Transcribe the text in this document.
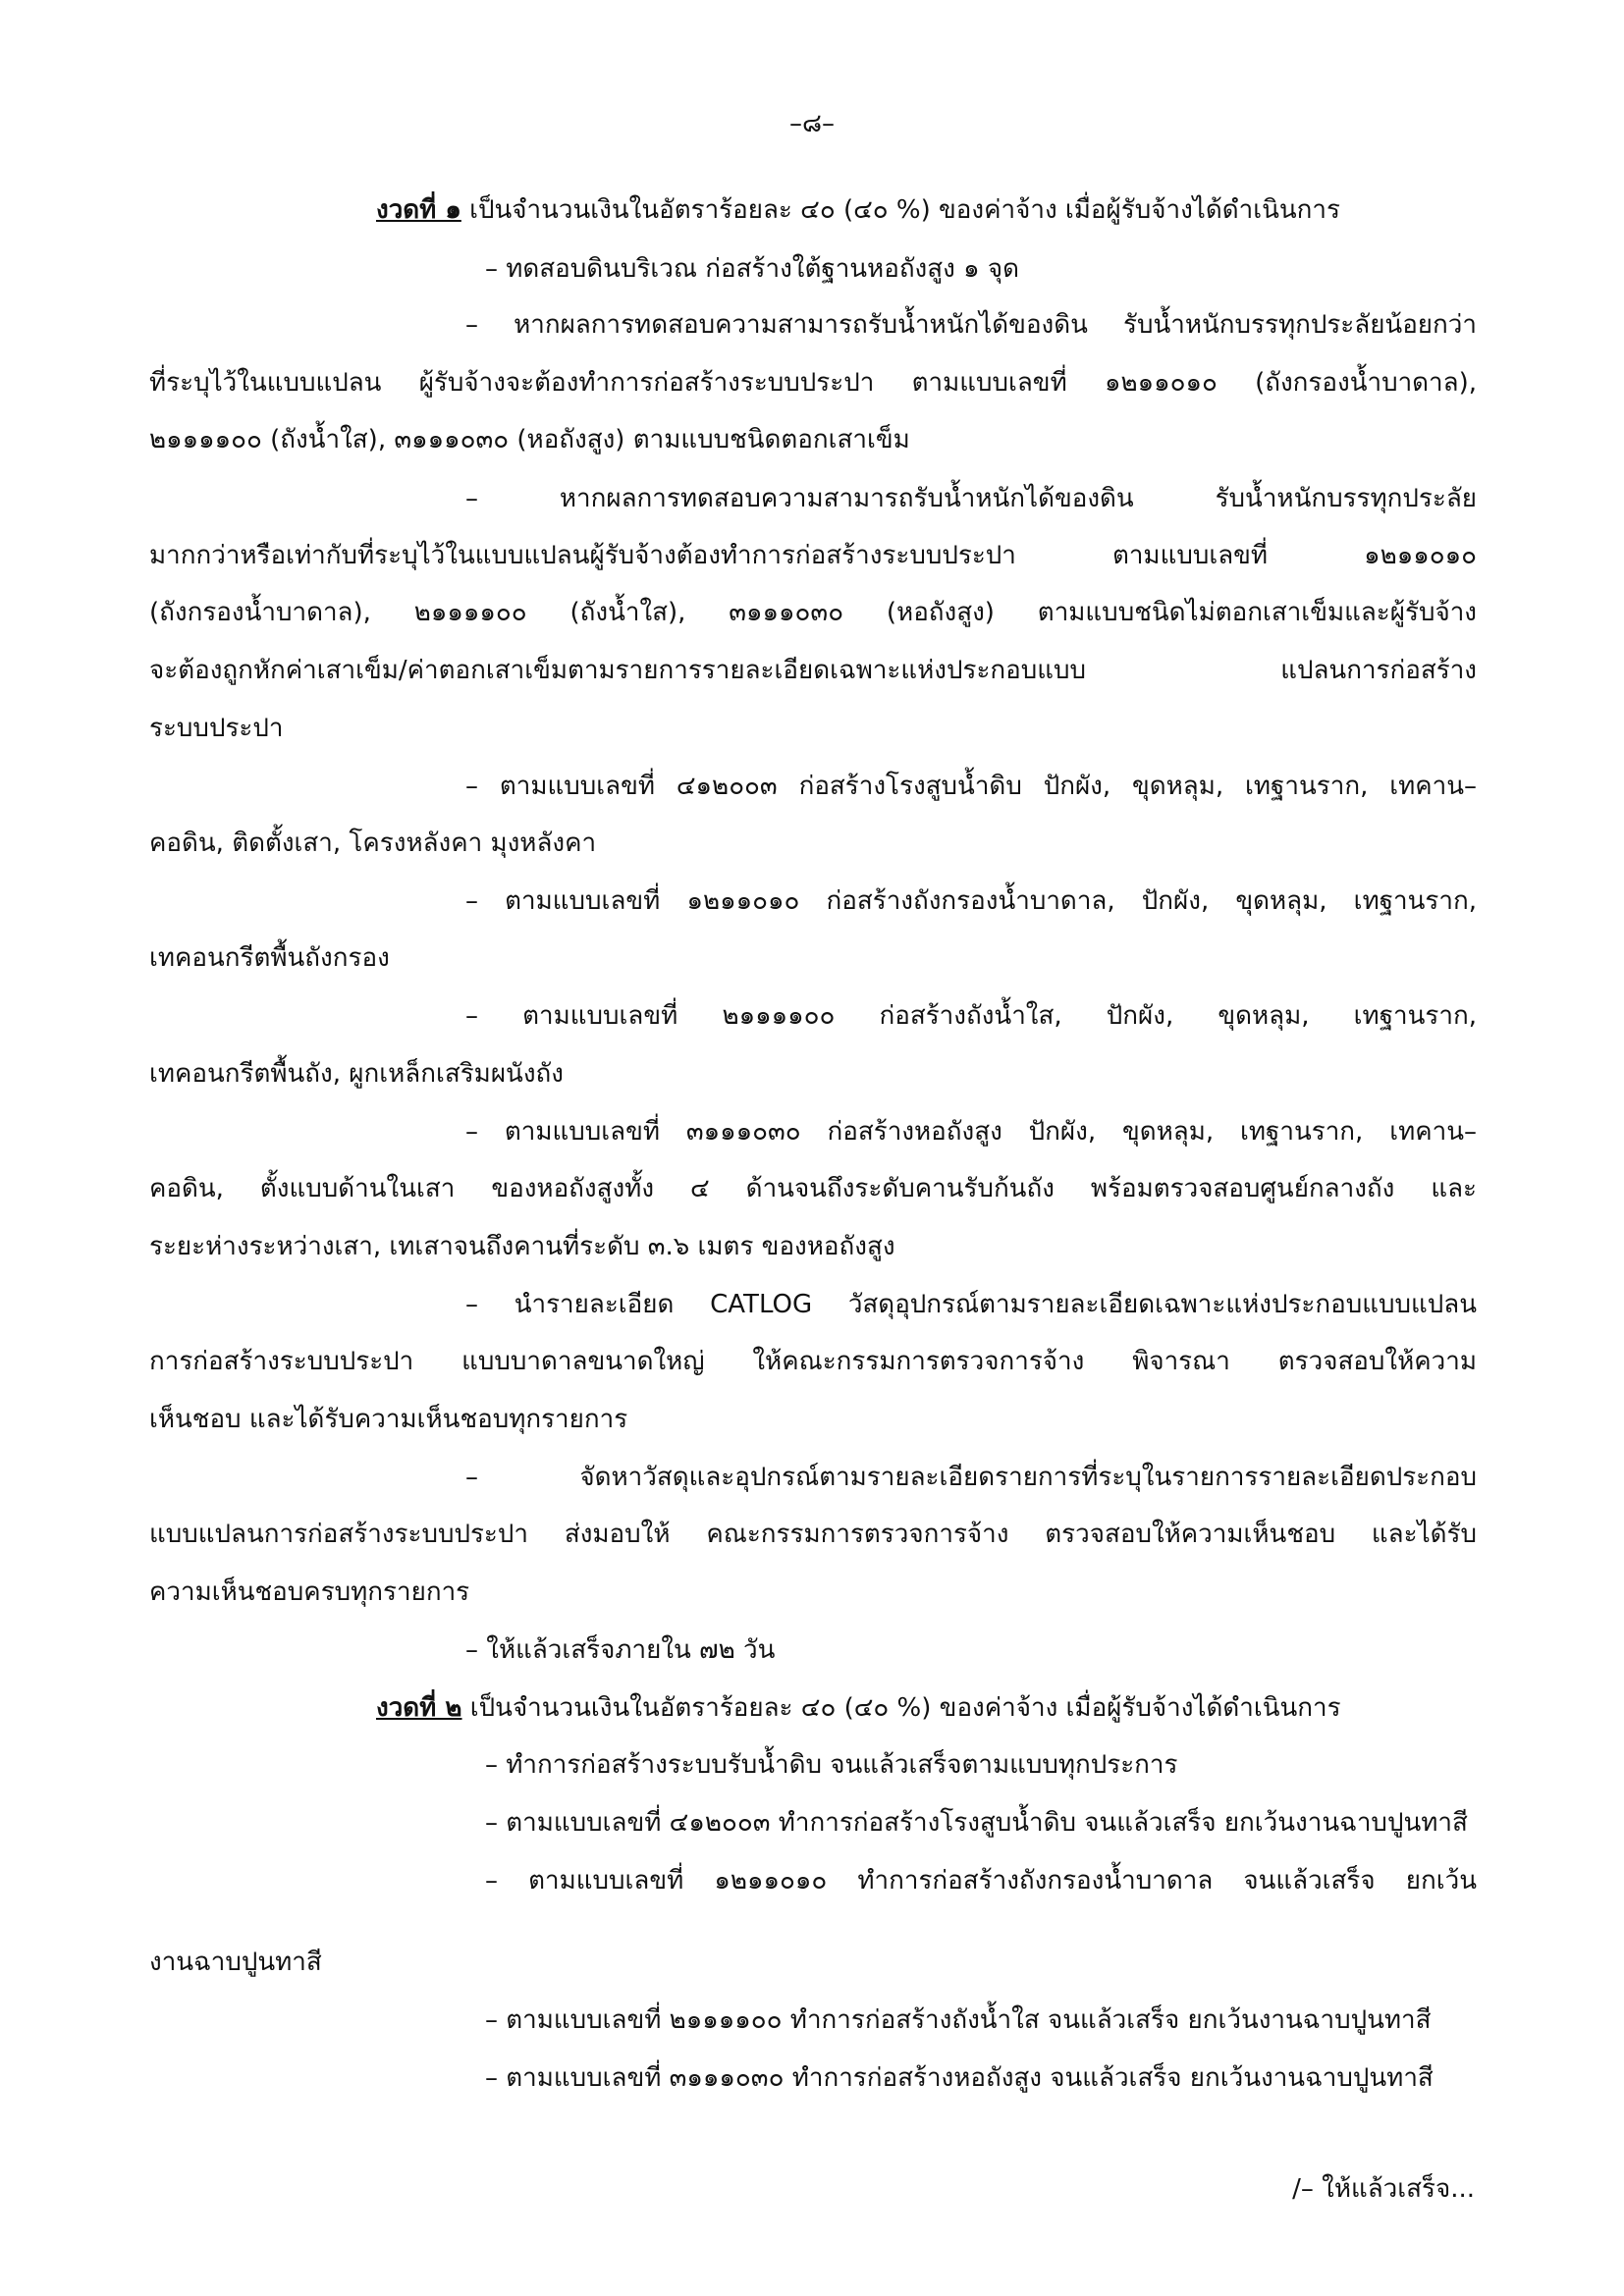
–๘–

งวดที่ ๑ เป็นจำนวนเงินในอัตราร้อยละ ๔๐ (๔๐ %) ของค่าจ้าง เมื่อผู้รับจ้างได้ดำเนินการ

– ทดสอบดินบริเวณ ก่อสร้างใต้ฐานหอถังสูง ๑ จุด

– หากผลการทดสอบความสามารถรับน้ำหนักได้ของดิน รับน้ำหนักบรรทุกประลัยน้อยกว่า

ที่ระบุไว้ในแบบแปลน ผู้รับจ้างจะต้องทำการก่อสร้างระบบประปา ตามแบบเลขที่ ๑๒๑๑๐๑๐ (ถังกรองน้ำบาดาล),

๒๑๑๑๑๐๐ (ถังน้ำใส), ๓๑๑๑๐๓๐ (หอถังสูง) ตามแบบชนิดตอกเสาเข็ม

– หากผลการทดสอบความสามารถรับน้ำหนักได้ของดิน รับน้ำหนักบรรทุกประลัย

มากกว่าหรือเท่ากับที่ระบุไว้ในแบบแปลนผู้รับจ้างต้องทำการก่อสร้างระบบประปา ตามแบบเลขที่ ๑๒๑๑๐๑๐

(ถังกรองน้ำบาดาล), ๒๑๑๑๑๐๐ (ถังน้ำใส), ๓๑๑๑๐๓๐ (หอถังสูง) ตามแบบชนิดไม่ตอกเสาเข็มและผู้รับจ้าง

จะต้องถูกหักค่าเสาเข็ม/ค่าตอกเสาเข็มตามรายการรายละเอียดเฉพาะแห่งประกอบแบบ แปลนการก่อสร้าง

ระบบประปา

– ตามแบบเลขที่ ๔๑๒๐๐๓ ก่อสร้างโรงสูบน้ำดิบ ปักผัง, ขุดหลุม, เทฐานราก, เทคาน–

คอดิน, ติดตั้งเสา, โครงหลังคา มุงหลังคา

– ตามแบบเลขที่ ๑๒๑๑๐๑๐ ก่อสร้างถังกรองน้ำบาดาล, ปักผัง, ขุดหลุม, เทฐานราก,

เทคอนกรีตพื้นถังกรอง

– ตามแบบเลขที่ ๒๑๑๑๑๐๐ ก่อสร้างถังน้ำใส, ปักผัง, ขุดหลุม, เทฐานราก,

เทคอนกรีตพื้นถัง, ผูกเหล็กเสริมผนังถัง

– ตามแบบเลขที่ ๓๑๑๑๐๓๐ ก่อสร้างหอถังสูง ปักผัง, ขุดหลุม, เทฐานราก, เทคาน–

คอดิน, ตั้งแบบด้านในเสา ของหอถังสูงทั้ง ๔ ด้านจนถึงระดับคานรับก้นถัง พร้อมตรวจสอบศูนย์กลางถัง และ

ระยะห่างระหว่างเสา, เทเสาจนถึงคานที่ระดับ ๓.๖ เมตร ของหอถังสูง

– นำรายละเอียด CATLOG วัสดุอุปกรณ์ตามรายละเอียดเฉพาะแห่งประกอบแบบแปลน

การก่อสร้างระบบประปา แบบบาดาลขนาดใหญ่ ให้คณะกรรมการตรวจการจ้าง พิจารณา ตรวจสอบให้ความ

เห็นชอบ และได้รับความเห็นชอบทุกรายการ

– จัดหาวัสดุและอุปกรณ์ตามรายละเอียดรายการที่ระบุในรายการรายละเอียดประกอบ

แบบแปลนการก่อสร้างระบบประปา ส่งมอบให้ คณะกรรมการตรวจการจ้าง ตรวจสอบให้ความเห็นชอบ และได้รับ

ความเห็นชอบครบทุกรายการ

– ให้แล้วเสร็จภายใน ๗๒ วัน

งวดที่ ๒ เป็นจำนวนเงินในอัตราร้อยละ ๔๐ (๔๐ %) ของค่าจ้าง เมื่อผู้รับจ้างได้ดำเนินการ

– ทำการก่อสร้างระบบรับน้ำดิบ จนแล้วเสร็จตามแบบทุกประการ

– ตามแบบเลขที่ ๔๑๒๐๐๓ ทำการก่อสร้างโรงสูบน้ำดิบ จนแล้วเสร็จ ยกเว้นงานฉาบปูนทาสี

– ตามแบบเลขที่ ๑๒๑๑๐๑๐ ทำการก่อสร้างถังกรองน้ำบาดาล จนแล้วเสร็จ ยกเว้น

งานฉาบปูนทาสี

– ตามแบบเลขที่ ๒๑๑๑๑๐๐ ทำการก่อสร้างถังน้ำใส จนแล้วเสร็จ ยกเว้นงานฉาบปูนทาสี

– ตามแบบเลขที่ ๓๑๑๑๐๓๐ ทำการก่อสร้างหอถังสูง จนแล้วเสร็จ ยกเว้นงานฉาบปูนทาสี

/– ให้แล้วเสร็จ...
